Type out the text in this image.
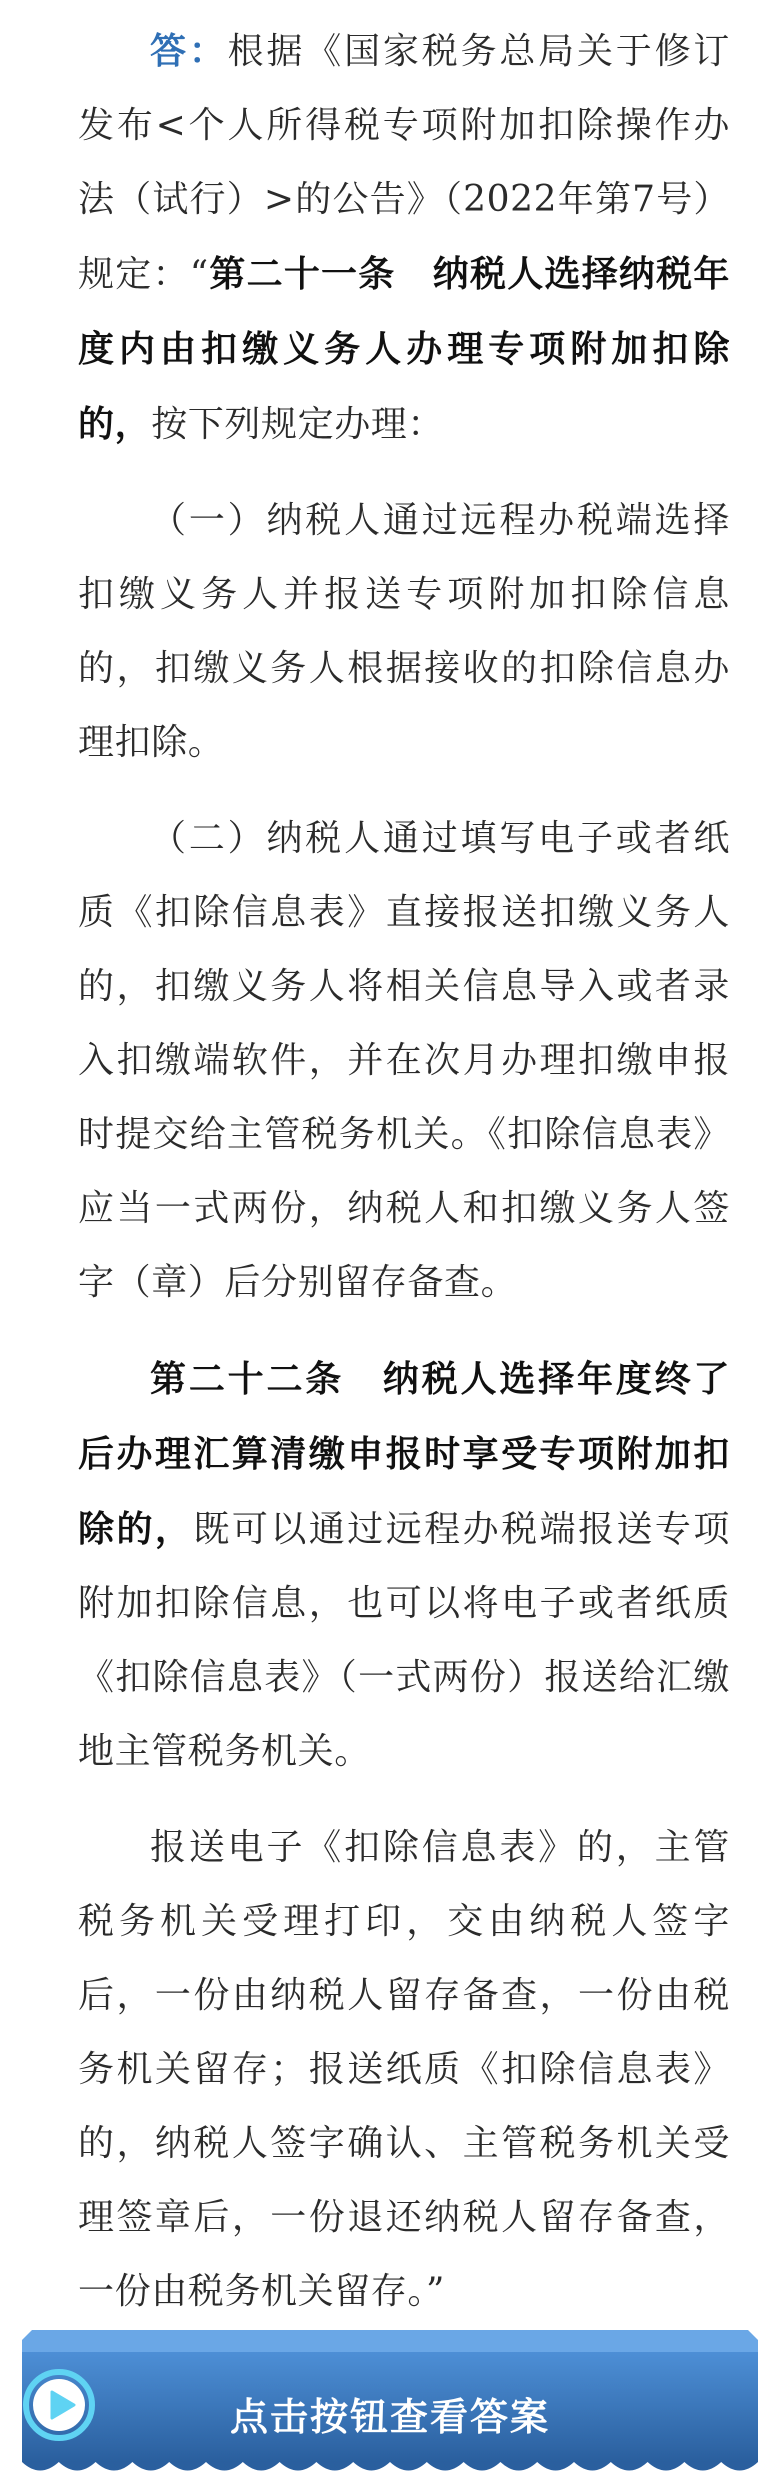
答：根据《国家税务总局关于修订发布<个人所得税专项附加扣除操作办法（试行）>的公告》（2022年第7号）规定：“第二十一条　纳税人选择纳税年度内由扣缴义务人办理专项附加扣除的，按下列规定办理：

（一）纳税人通过远程办税端选择扣缴义务人并报送专项附加扣除信息的，扣缴义务人根据接收的扣除信息办理扣除。

（二）纳税人通过填写电子或者纸质《扣除信息表》直接报送扣缴义务人的，扣缴义务人将相关信息导入或者录入扣缴端软件，并在次月办理扣缴申报时提交给主管税务机关。《扣除信息表》应当一式两份，纳税人和扣缴义务人签字（章）后分别留存备查。

第二十二条　纳税人选择年度终了后办理汇算清缴申报时享受专项附加扣除的，既可以通过远程办税端报送专项附加扣除信息，也可以将电子或者纸质《扣除信息表》（一式两份）报送给汇缴地主管税务机关。

报送电子《扣除信息表》的，主管税务机关受理打印，交由纳税人签字后，一份由纳税人留存备查，一份由税务机关留存；报送纸质《扣除信息表》的，纳税人签字确认、主管税务机关受理签章后，一份退还纳税人留存备查，一份由税务机关留存。”

点击按钮查看答案
